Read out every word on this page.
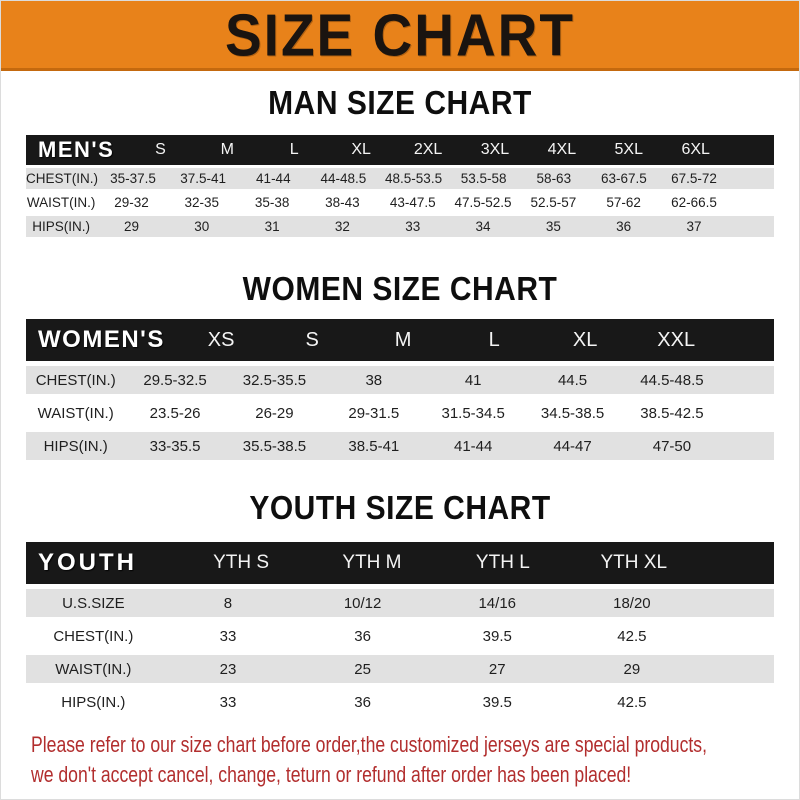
SIZE CHART
MAN SIZE CHART
MEN'S	S	M	L	XL	2XL	3XL	4XL	5XL	6XL
CHEST(IN.) 35-37.5	37.5-41	41-44	44-48.5	48.5-53.5	53.5-58	58-63	63-67.5	67.5-72
WAIST(IN.)	29-32	32-35	35-38	38-43	43-47.5	47.5-52.5	52.5-57	57-62	62-66.5
HIPS(IN.)	29	30	31	32	33	34	35	36	37
WOMEN SIZE CHART
WOMEN'S	XS	S	M	L	XL	XXL
CHEST(IN.)	29.5-32.5	32.5-35.5	38	41	44.5	44.5-48.5
WAIST(IN.)	23.5-26	26-29	29-31.5	31.5-34.5	34.5-38.5	38.5-42.5
HIPS(IN.)	33-35.5	35.5-38.5	38.5-41	41-44	44-47	47-50
YOUTH SIZE CHART
YOUTH	YTH S	YTH M	YTH L	YTH XL
U.S.SIZE	8	10/12	14/16	18/20
CHEST(IN.)	33	36	39.5	42.5
WAIST(IN.)	23	25	27	29
HIPS(IN.)	33	36	39.5	42.5
Please refer to our size chart before order,the customized jerseys are special products,
we don't accept cancel, change, teturn or refund after order has been placed!
